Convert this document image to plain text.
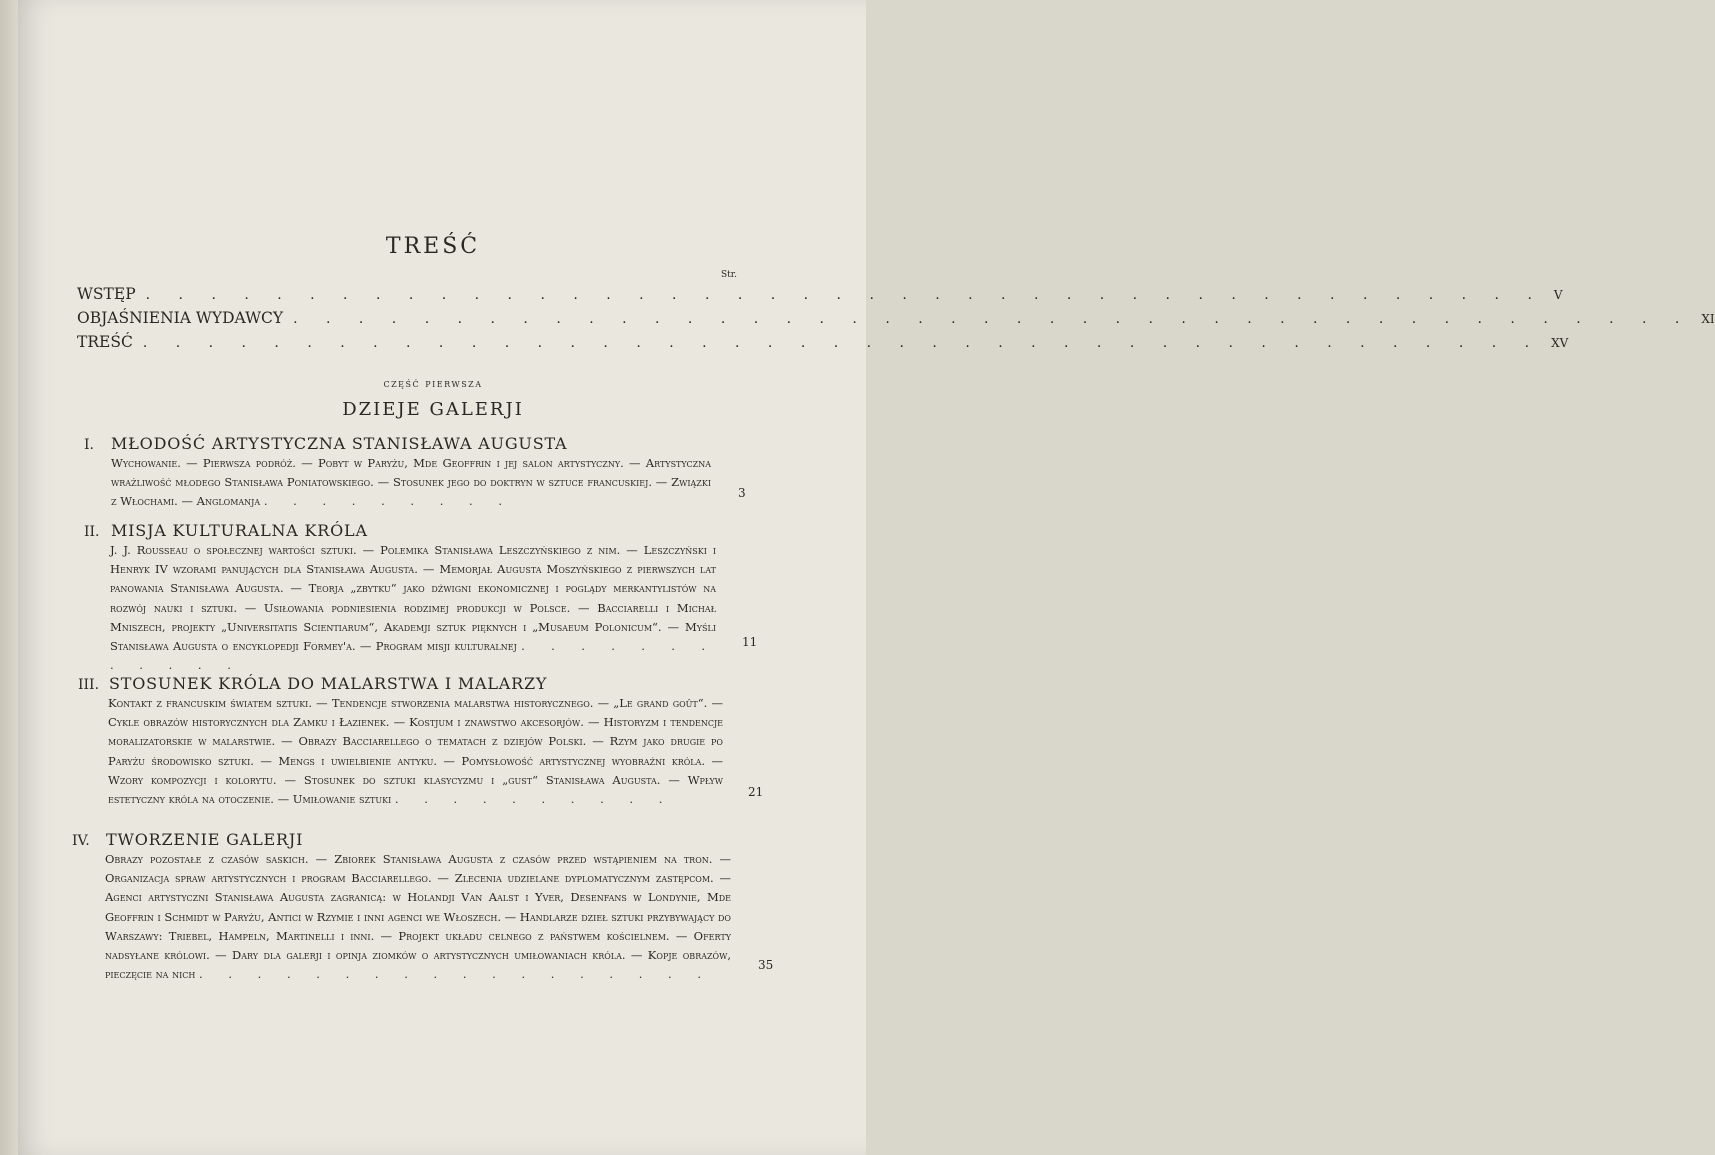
TREŚĆ
Str.
WSTĘP . . . . . . . . . . . . . . . . . . . . . . . . . . . . . . . . . . . . . . . . . . . V
OBJAŚNIENIA WYDAWCY . . . . . . . . . . . . . . . . . . . . . . . . . . . . . . . . . . . . . . . . . . . XI
TREŚĆ . . . . . . . . . . . . . . . . . . . . . . . . . . . . . . . . . . . . . . . . . . . XV
część pierwsza
DZIEJE GALERJI
I. MŁODOŚĆ ARTYSTYCZNA STANISŁAWA AUGUSTA
Wychowanie. — Pierwsza podróż. — Pobyt w Paryżu, Mde Geoffrin i jej salon artystyczny. — Artystyczna wrażliwość młodego Stanisława Poniatowskiego. — Stosunek jego do doktryn w sztuce francuskiej. — Związki z Włochami. — Anglomanja . . . . . . . . .
3
II. MISJA KULTURALNA KRÓLA
J. J. Rousseau o społecznej wartości sztuki. — Polemika Stanisława Leszczyńskiego z nim. — Leszczyński i Henryk IV wzorami panujących dla Stanisława Augusta. — Memorjał Augusta Moszyńskiego z pierwszych lat panowania Stanisława Augusta. — Teorja „zbytku“ jako dźwigni ekonomicznej i poglądy merkantylistów na rozwój nauki i sztuki. — Usiłowania podniesienia rodzimej produkcji w Polsce. — Bacciarelli i Michał Mniszech, projekty „Universitatis Scientiarum“, Akademji sztuk pięknych i „Musaeum Polonicum“. — Myśli Stanisława Augusta o encyklopedji Formey'a. — Program misji kulturalnej . . . . . . . . . . . .
11
III. STOSUNEK KRÓLA DO MALARSTWA I MALARZY
Kontakt z francuskim światem sztuki. — Tendencje stworzenia malarstwa historycznego. — „Le grand goût“. — Cykle obrazów historycznych dla Zamku i Łazienek. — Kostjum i znawstwo akcesorjów. — Historyzm i tendencje moralizatorskie w malarstwie. — Obrazy Bacciarellego o tematach z dziejów Polski. — Rzym jako drugie po Paryżu środowisko sztuki. — Mengs i uwielbienie antyku. — Pomysłowość artystycznej wyobraźni króla. — Wzory kompozycji i kolorytu. — Stosunek do sztuki klasycyzmu i „gust“ Stanisława Augusta. — Wpływ estetyczny króla na otoczenie. — Umiłowanie sztuki . . . . . . . . . .
21
IV. TWORZENIE GALERJI
Obrazy pozostałe z czasów saskich. — Zbiorek Stanisława Augusta z czasów przed wstąpieniem na tron. — Organizacja spraw artystycznych i program Bacciarellego. — Zlecenia udzielane dyplomatycznym zastępcom. — Agenci artystyczni Stanisława Augusta zagranicą: w Holandji Van Aalst i Yver, Desenfans w Londynie, Mde Geoffrin i Schmidt w Paryżu, Antici w Rzymie i inni agenci we Włoszech. — Handlarze dzieł sztuki przybywający do Warszawy: Triebel, Hampeln, Martinelli i inni. — Projekt układu celnego z państwem kościelnem. — Oferty nadsyłane królowi. — Dary dla galerji i opinja ziomków o artystycznych umiłowaniach króla. — Kopje obrazów, pieczęcie na nich . . . . . . . . . . . . . . . . . .
35
